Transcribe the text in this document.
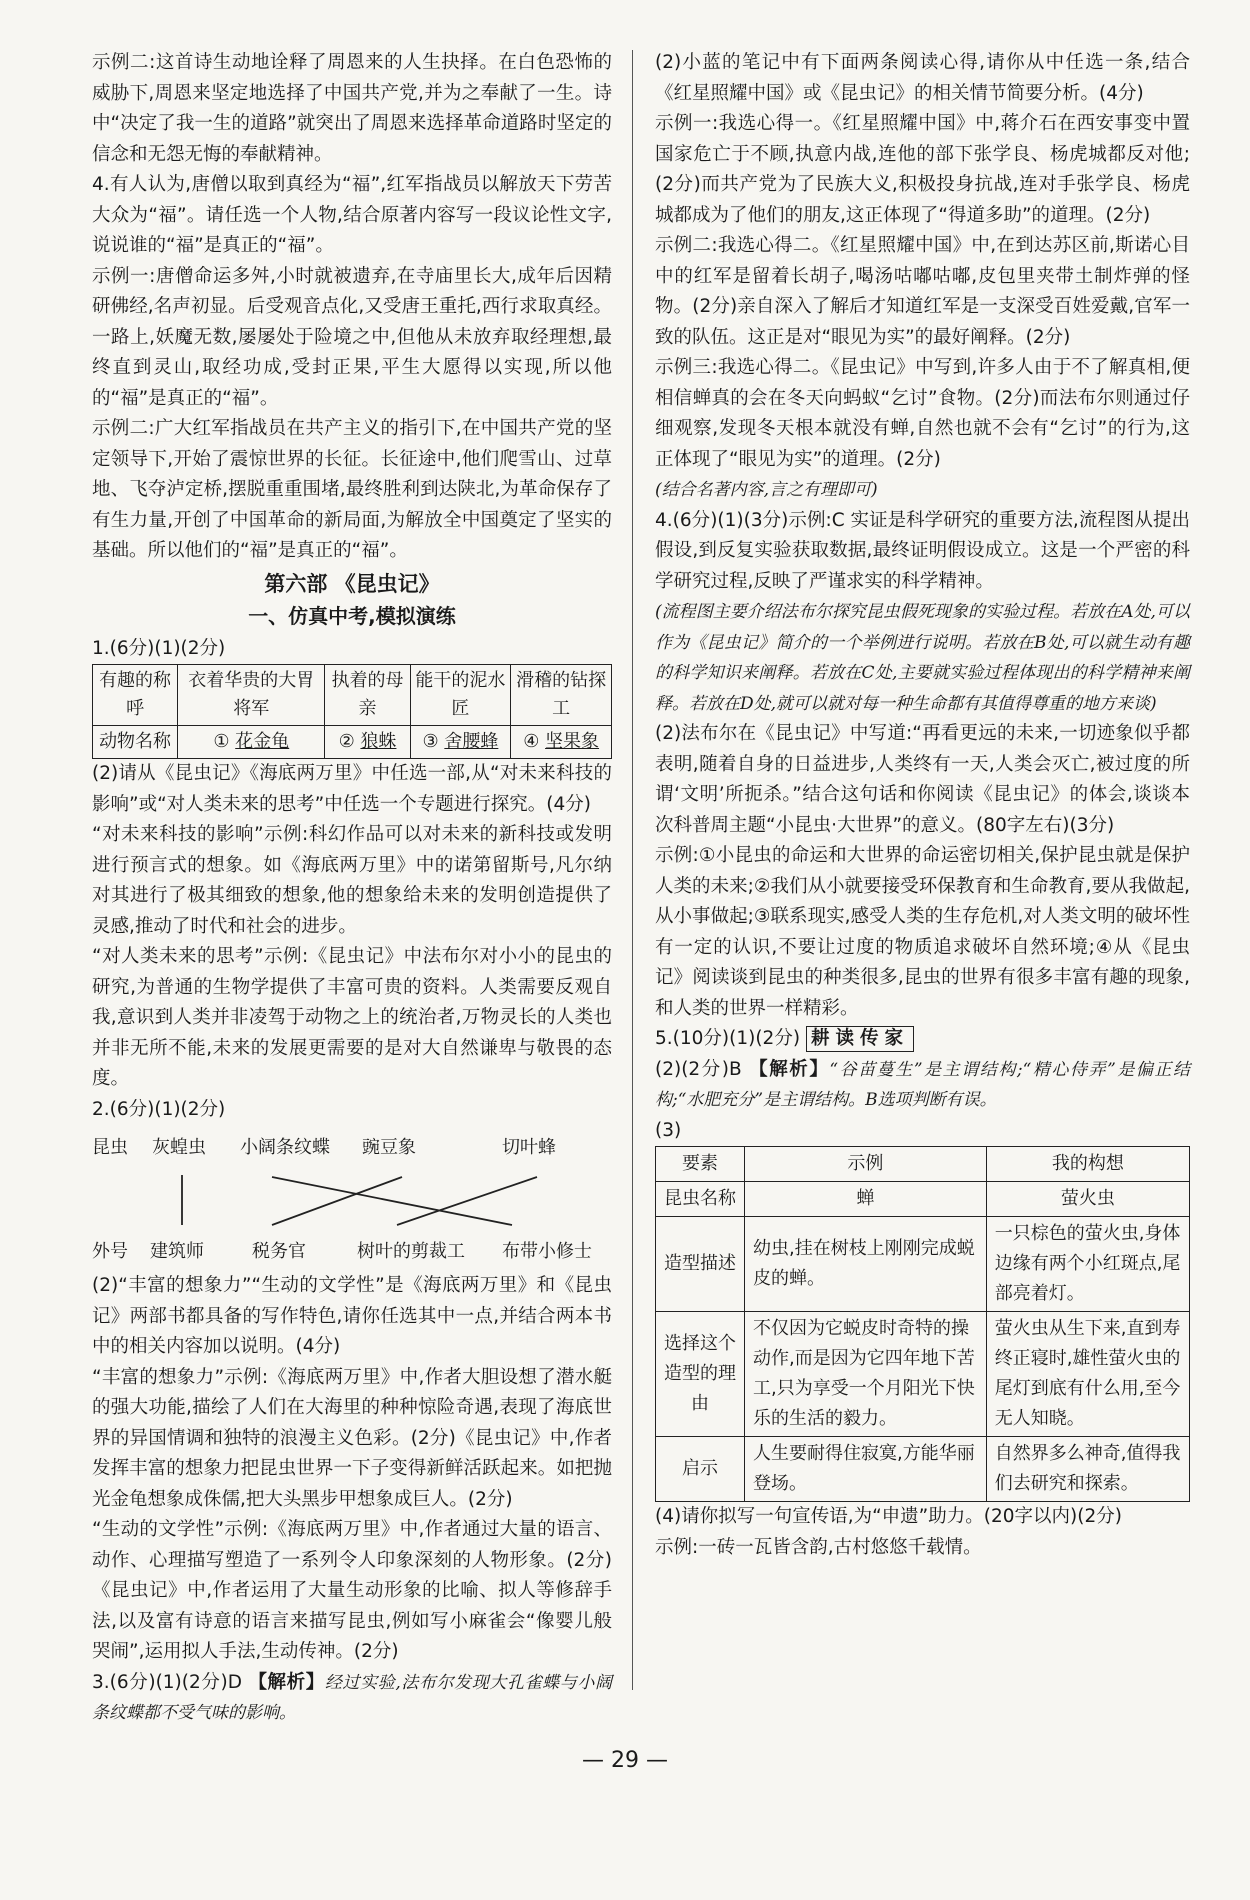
示例二:这首诗生动地诠释了周恩来的人生抉择。在白色恐怖的威胁下,周恩来坚定地选择了中国共产党,并为之奉献了一生。诗中“决定了我一生的道路”就突出了周恩来选择革命道路时坚定的信念和无怨无悔的奉献精神。

4.有人认为,唐僧以取到真经为“福”,红军指战员以解放天下劳苦大众为“福”。请任选一个人物,结合原著内容写一段议论性文字,说说谁的“福”是真正的“福”。

示例一:唐僧命运多舛,小时就被遗弃,在寺庙里长大,成年后因精研佛经,名声初显。后受观音点化,又受唐王重托,西行求取真经。一路上,妖魔无数,屡屡处于险境之中,但他从未放弃取经理想,最终直到灵山,取经功成,受封正果,平生大愿得以实现,所以他的“福”是真正的“福”。

示例二:广大红军指战员在共产主义的指引下,在中国共产党的坚定领导下,开始了震惊世界的长征。长征途中,他们爬雪山、过草地、飞夺泸定桥,摆脱重重围堵,最终胜利到达陕北,为革命保存了有生力量,开创了中国革命的新局面,为解放全中国奠定了坚实的基础。所以他们的“福”是真正的“福”。

第六部 《昆虫记》
一、仿真中考,模拟演练

1.(6分)(1)(2分)

有趣的称呼	衣着华贵的大胃将军	执着的母亲	能干的泥水匠	滑稽的钻探工
动物名称	① 花金龟	② 狼蛛	③ 舍腰蜂	④ 坚果象

(2)请从《昆虫记》《海底两万里》中任选一部,从“对未来科技的影响”或“对人类未来的思考”中任选一个专题进行探究。(4分)

“对未来科技的影响”示例:科幻作品可以对未来的新科技或发明进行预言式的想象。如《海底两万里》中的诺第留斯号,凡尔纳对其进行了极其细致的想象,他的想象给未来的发明创造提供了灵感,推动了时代和社会的进步。

“对人类未来的思考”示例:《昆虫记》中法布尔对小小的昆虫的研究,为普通的生物学提供了丰富可贵的资料。人类需要反观自我,意识到人类并非凌驾于动物之上的统治者,万物灵长的人类也并非无所不能,未来的发展更需要的是对大自然谦卑与敬畏的态度。

2.(6分)(1)(2分)

昆虫 灰蝗虫 小阔条纹蝶 豌豆象	切叶蜂
外号 建筑师	税务官	树叶的剪裁工 布带小修士

(2)“丰富的想象力”“生动的文学性”是《海底两万里》和《昆虫记》两部书都具备的写作特色,请你任选其中一点,并结合两本书中的相关内容加以说明。(4分)

“丰富的想象力”示例:《海底两万里》中,作者大胆设想了潜水艇的强大功能,描绘了人们在大海里的种种惊险奇遇,表现了海底世界的异国情调和独特的浪漫主义色彩。(2分)《昆虫记》中,作者发挥丰富的想象力把昆虫世界一下子变得新鲜活跃起来。如把抛光金龟想象成侏儒,把大头黑步甲想象成巨人。(2分)

“生动的文学性”示例:《海底两万里》中,作者通过大量的语言、动作、心理描写塑造了一系列令人印象深刻的人物形象。(2分)《昆虫记》中,作者运用了大量生动形象的比喻、拟人等修辞手法,以及富有诗意的语言来描写昆虫,例如写小麻雀会“像婴儿般哭闹”,运用拟人手法,生动传神。(2分)

3.(6分)(1)(2分)D 【解析】经过实验,法布尔发现大孔雀蝶与小阔条纹蝶都不受气味的影响。

(2)小蓝的笔记中有下面两条阅读心得,请你从中任选一条,结合《红星照耀中国》或《昆虫记》的相关情节简要分析。(4分)

示例一:我选心得一。《红星照耀中国》中,蒋介石在西安事变中置国家危亡于不顾,执意内战,连他的部下张学良、杨虎城都反对他;(2分)而共产党为了民族大义,积极投身抗战,连对手张学良、杨虎城都成为了他们的朋友,这正体现了“得道多助”的道理。(2分)

示例二:我选心得二。《红星照耀中国》中,在到达苏区前,斯诺心目中的红军是留着长胡子,喝汤咕嘟咕嘟,皮包里夹带土制炸弹的怪物。(2分)亲自深入了解后才知道红军是一支深受百姓爱戴,官军一致的队伍。这正是对“眼见为实”的最好阐释。(2分)

示例三:我选心得二。《昆虫记》中写到,许多人由于不了解真相,便相信蝉真的会在冬天向蚂蚁“乞讨”食物。(2分)而法布尔则通过仔细观察,发现冬天根本就没有蝉,自然也就不会有“乞讨”的行为,这正体现了“眼见为实”的道理。(2分)

(结合名著内容,言之有理即可)

4.(6分)(1)(3分)示例:C 实证是科学研究的重要方法,流程图从提出假设,到反复实验获取数据,最终证明假设成立。这是一个严密的科学研究过程,反映了严谨求实的科学精神。

(流程图主要介绍法布尔探究昆虫假死现象的实验过程。若放在A处,可以作为《昆虫记》简介的一个举例进行说明。若放在B处,可以就生动有趣的科学知识来阐释。若放在C处,主要就实验过程体现出的科学精神来阐释。若放在D处,就可以就对每一种生命都有其值得尊重的地方来谈)

(2)法布尔在《昆虫记》中写道:“再看更远的未来,一切迹象似乎都表明,随着自身的日益进步,人类终有一天,人类会灭亡,被过度的所谓‘文明’所扼杀。”结合这句话和你阅读《昆虫记》的体会,谈谈本次科普周主题“小昆虫·大世界”的意义。(80字左右)(3分)

示例:①小昆虫的命运和大世界的命运密切相关,保护昆虫就是保护人类的未来;②我们从小就要接受环保教育和生命教育,要从我做起,从小事做起;③联系现实,感受人类的生存危机,对人类文明的破坏性有一定的认识,不要让过度的物质追求破坏自然环境;④从《昆虫记》阅读谈到昆虫的种类很多,昆虫的世界有很多丰富有趣的现象,和人类的世界一样精彩。

5.(10分)(1)(2分) 耕读传家

(2)(2分)B 【解析】“谷苗蔓生”是主谓结构;“精心侍弄”是偏正结构;“水肥充分”是主谓结构。B选项判断有误。

(3)

要素	示例	我的构想
昆虫名称	蝉	萤火虫
造型描述	幼虫,挂在树枝上刚刚完成蜕皮的蝉。	一只棕色的萤火虫,身体边缘有两个小红斑点,尾部亮着灯。
选择这个造型的理由	不仅因为它蜕皮时奇特的操动作,而是因为它四年地下苦工,只为享受一个月阳光下快乐的生活的毅力。	萤火虫从生下来,直到寿终正寝时,雄性萤火虫的尾灯到底有什么用,至今无人知晓。
启示	人生要耐得住寂寞,方能华丽登场。	自然界多么神奇,值得我们去研究和探索。

(4)请你拟写一句宣传语,为“申遗”助力。(20字以内)(2分)

示例:一砖一瓦皆含韵,古村悠悠千载情。

— 29 —
